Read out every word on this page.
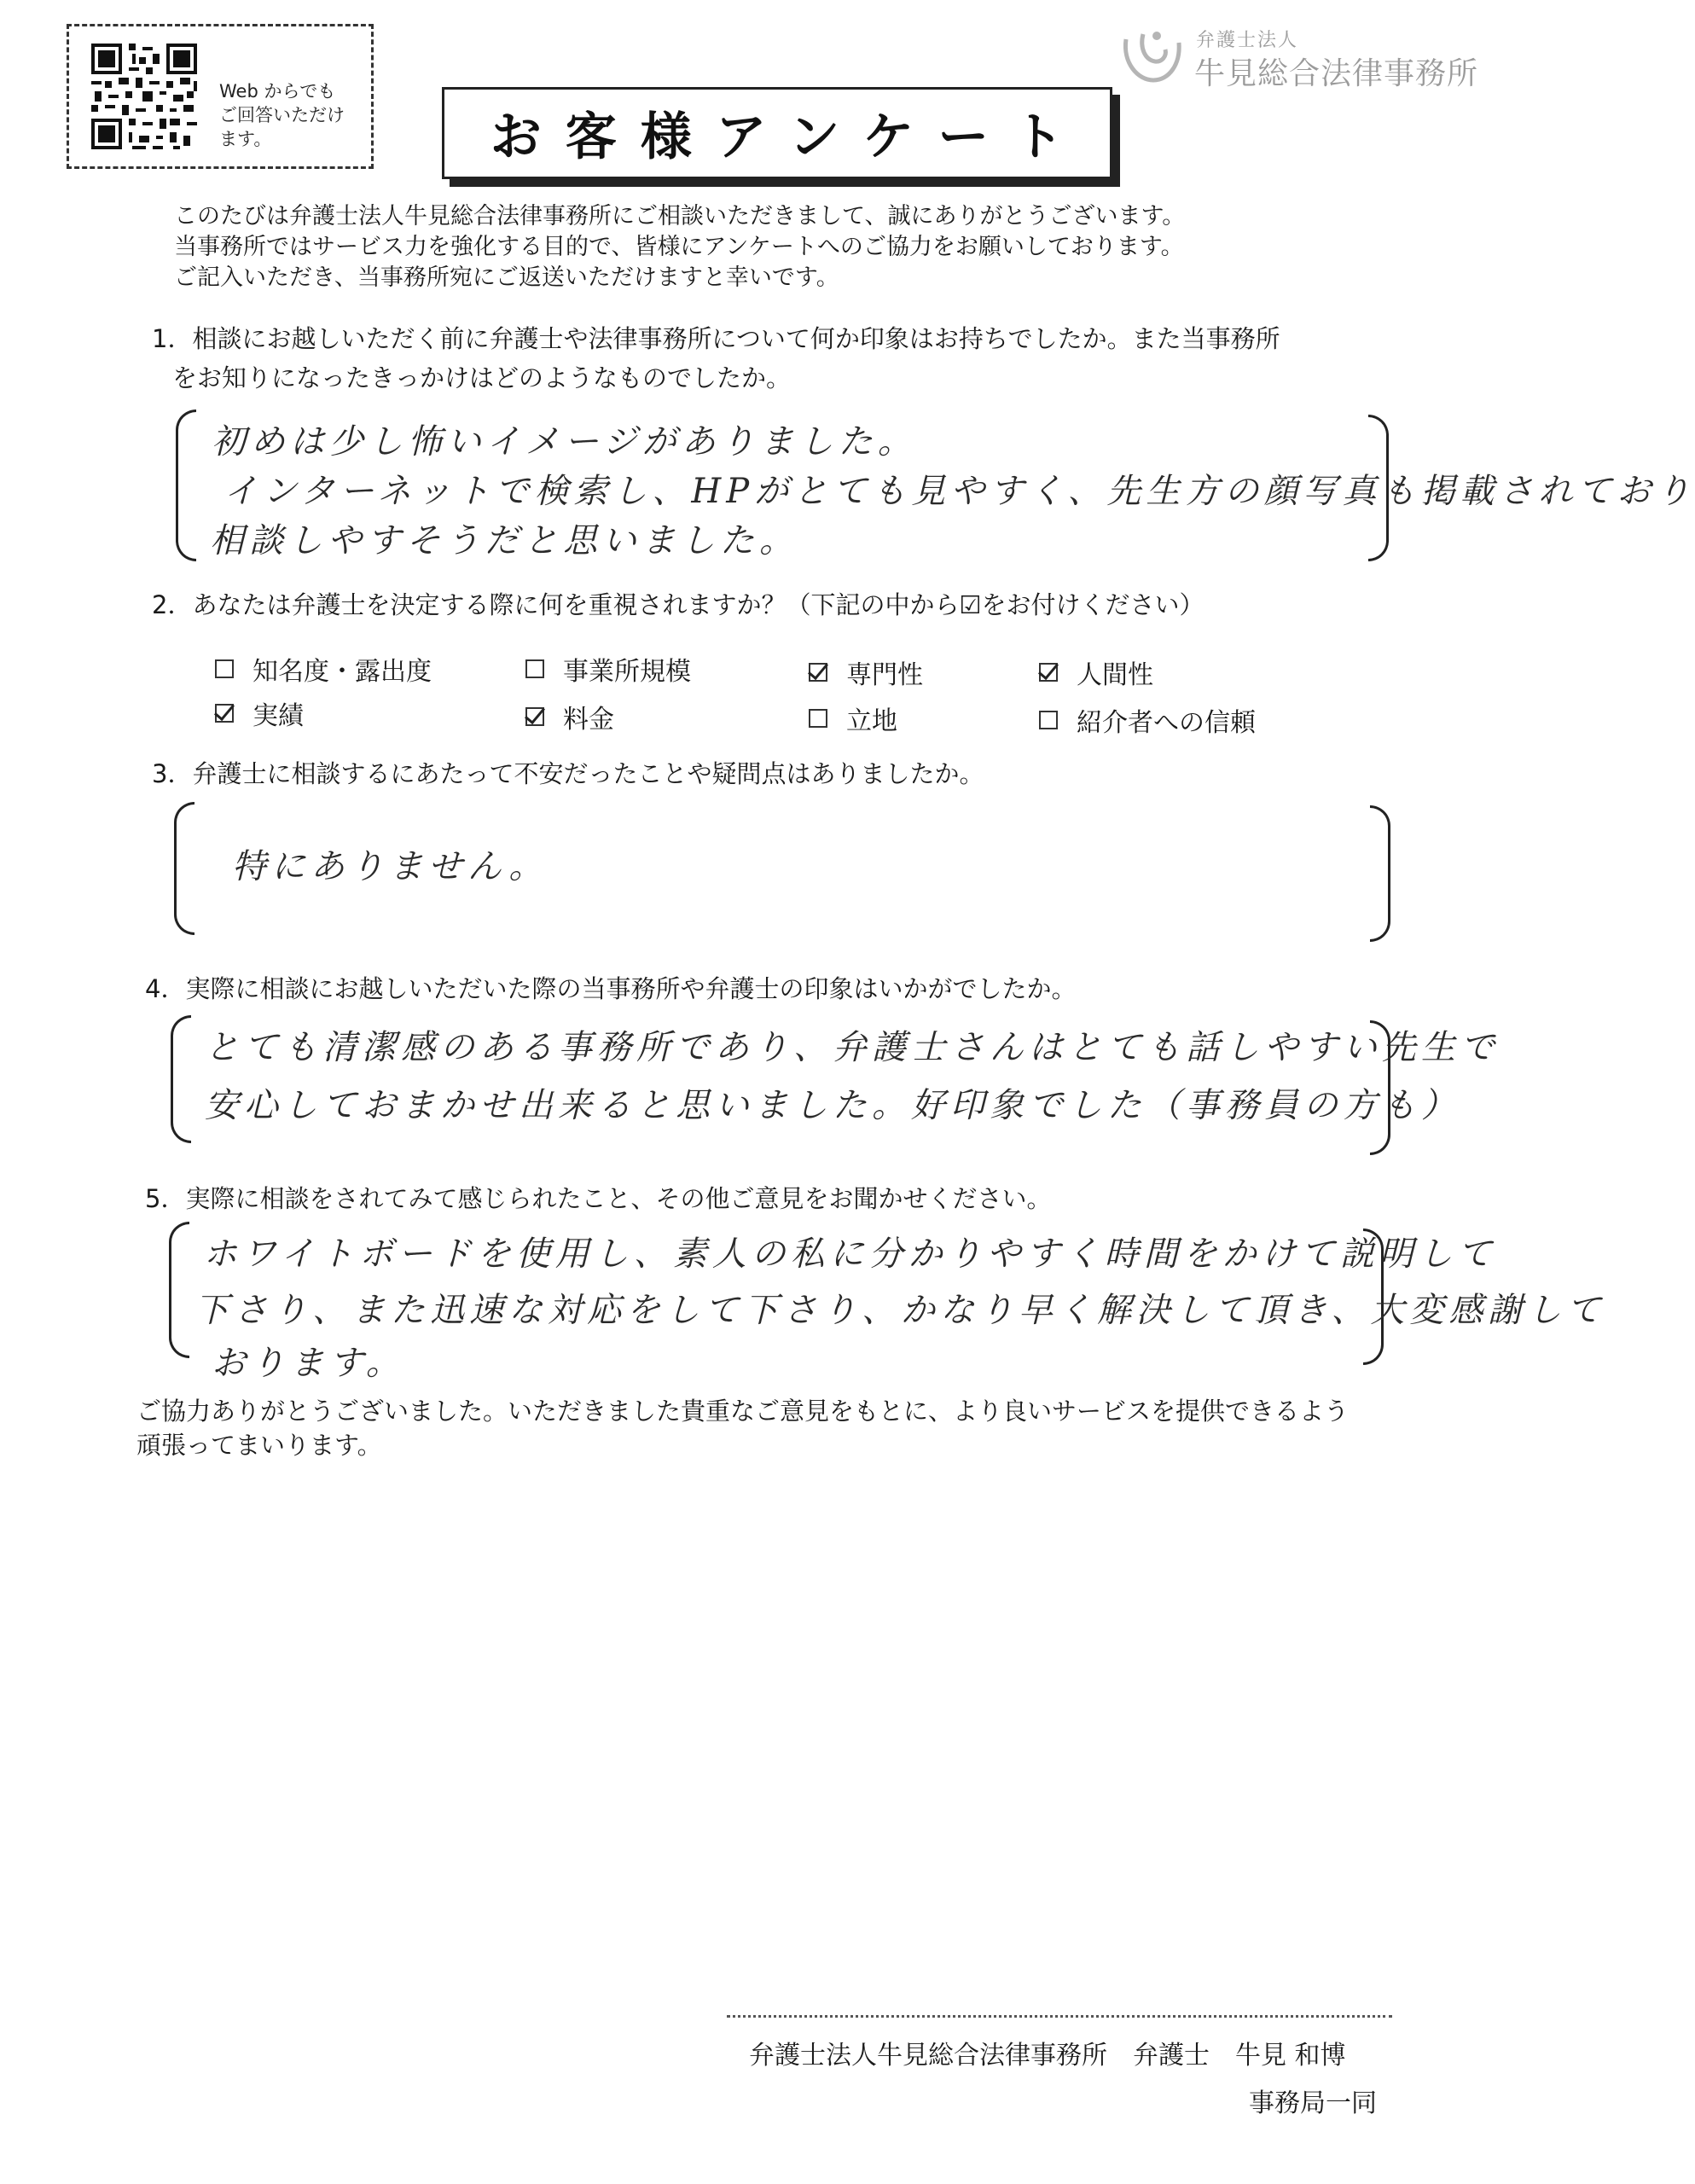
Web からでも
ご回答いただけ
ます。	お客様アンケート
弁護士法人
牛見総合法律事務所
このたびは弁護士法人牛見総合法律事務所にご相談いただきまして、誠にありがとうございます。
当事務所ではサービス力を強化する目的で、皆様にアンケートへのご協力をお願いしております。
ご記入いただき、当事務所宛にご返送いただけますと幸いです。
1．相談にお越しいただく前に弁護士や法律事務所について何か印象はお持ちでしたか。また当事務所
をお知りになったきっかけはどのようなものでしたか。
初めは少し怖いイメージがありました。
インターネットで検索し、HPがとても見やすく、先生方の顔写真も掲載されており
相談しやすそうだと思いました。
2．あなたは弁護士を決定する際に何を重視されますか？（下記の中から☑をお付けください）
知名度・露出度	事業所規模	専門性	人間性
実績	料金	立地	紹介者への信頼
3．弁護士に相談するにあたって不安だったことや疑問点はありましたか。
特にありません。
4．実際に相談にお越しいただいた際の当事務所や弁護士の印象はいかがでしたか。
とても清潔感のある事務所であり、弁護士さんはとても話しやすい先生で
安心しておまかせ出来ると思いました。好印象でした（事務員の方も）
5．実際に相談をされてみて感じられたこと、その他ご意見をお聞かせください。
ホワイトボードを使用し、素人の私に分かりやすく時間をかけて説明して
下さり、また迅速な対応をして下さり、かなり早く解決して頂き、大変感謝して
おります。
ご協力ありがとうございました。いただきました貴重なご意見をもとに、より良いサービスを提供できるよう
頑張ってまいります。
弁護士法人牛見総合法律事務所　弁護士　牛見 和博
事務局一同
